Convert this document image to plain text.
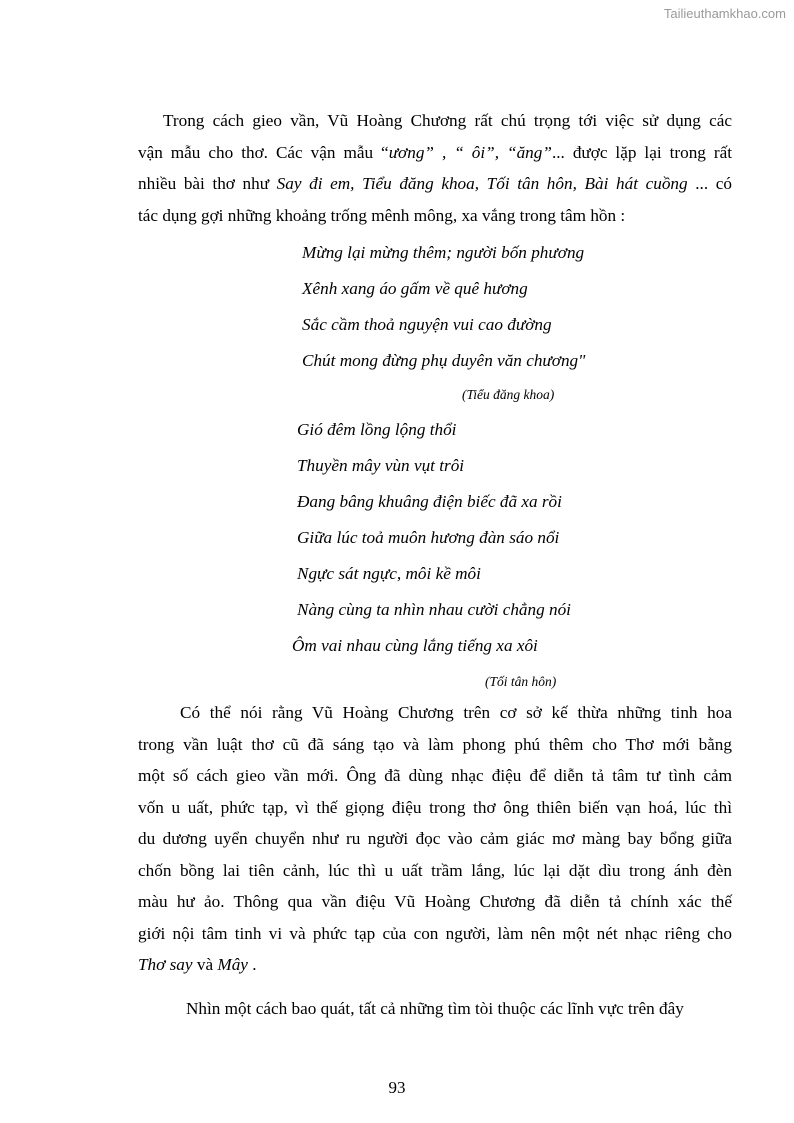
Tailieuthamkhao.com
Trong cách gieo vần, Vũ Hoàng Chương rất chú trọng tới việc sử dụng các
vận mẫu cho thơ. Các vận mẫu “ương” , “ ôi”, “ăng”... được lặp lại trong rất
nhiều bài thơ như Say đi em, Tiểu đăng khoa, Tối tân hôn, Bài hát cuồng ... có
tác dụng gợi những khoảng trống mênh mông, xa vắng trong tâm hồn :
Mừng lại mừng thêm; người bốn phương
Xênh xang áo gấm về quê hương
Sắc cầm thoả nguyện vui cao đường
Chút mong đừng phụ duyên văn chương"
(Tiểu đăng khoa)
Gió đêm lồng lộng thổi
Thuyền mây vùn vụt trôi
Đang bâng khuâng điện biếc đã xa rồi
Giữa lúc toả muôn hương đàn sáo nổi
Ngực sát ngực, môi kề môi
Nàng cùng ta nhìn nhau cười chẳng nói
Ôm vai nhau cùng lắng tiếng xa xôi
(Tối tân hôn)
Có thể nói rằng Vũ Hoàng Chương trên cơ sở kế thừa những tinh hoa
trong vần luật thơ cũ đã sáng tạo và làm phong phú thêm cho Thơ mới bằng
một số cách gieo vần mới. Ông đã dùng nhạc điệu để diễn tả tâm tư tình cảm
vốn u uất, phức tạp, vì thế giọng điệu trong thơ ông thiên biến vạn hoá, lúc thì
du dương uyển chuyển như ru người đọc vào cảm giác mơ màng bay bổng giữa
chốn bồng lai tiên cảnh, lúc thì u uất trầm lắng, lúc lại dặt dìu trong ánh đèn
màu hư ảo. Thông qua vần điệu Vũ Hoàng Chương đã diễn tả chính xác thế
giới nội tâm tinh vi và phức tạp của con người, làm nên một nét nhạc riêng cho
Thơ say và Mây .
Nhìn một cách bao quát, tất cả những tìm tòi thuộc các lĩnh vực trên đây
93
